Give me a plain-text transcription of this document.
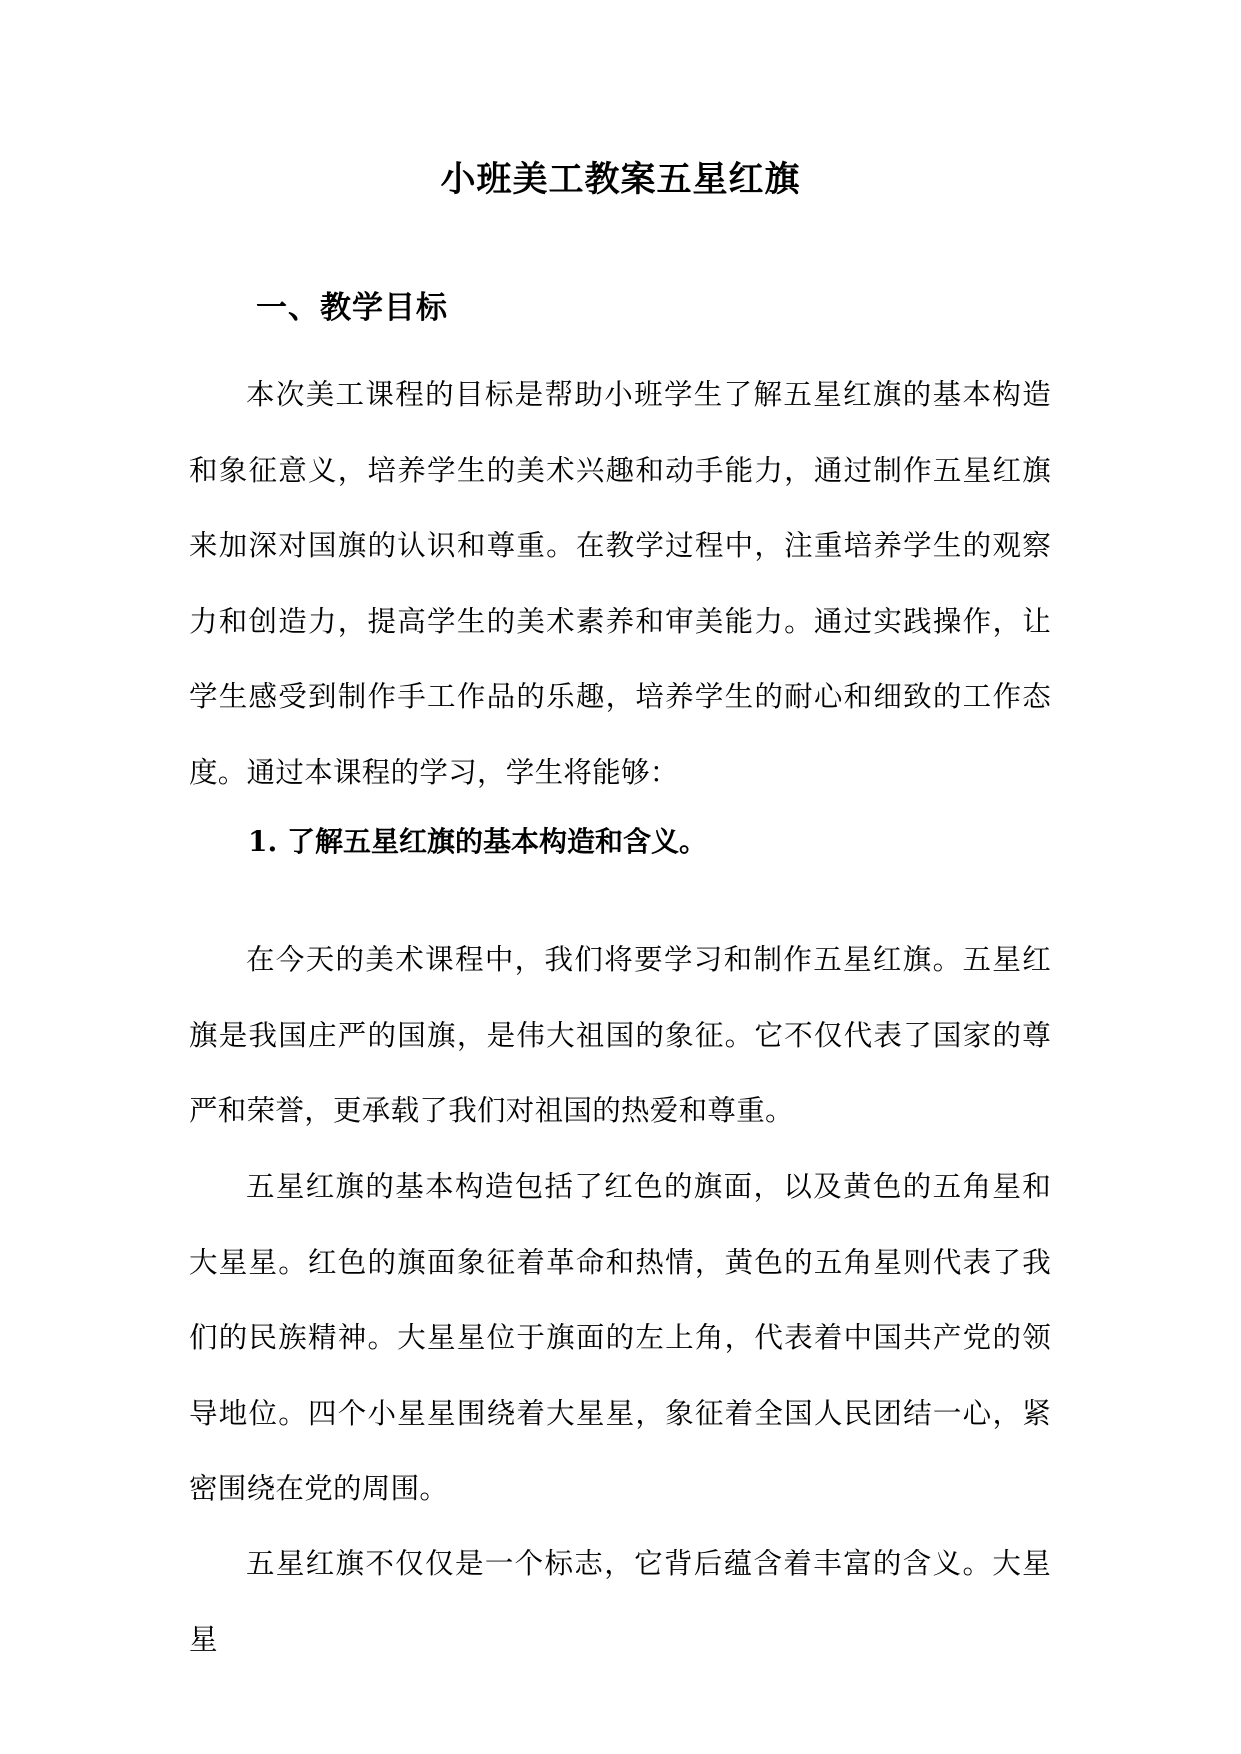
小班美工教案五星红旗
一、教学目标

本次美工课程的目标是帮助小班学生了解五星红旗的基本构造和象征意义，培养学生的美术兴趣和动手能力，通过制作五星红旗来加深对国旗的认识和尊重。在教学过程中，注重培养学生的观察力和创造力，提高学生的美术素养和审美能力。通过实践操作，让学生感受到制作手工作品的乐趣，培养学生的耐心和细致的工作态度。通过本课程的学习，学生将能够：

1. 了解五星红旗的基本构造和含义。

在今天的美术课程中，我们将要学习和制作五星红旗。五星红旗是我国庄严的国旗，是伟大祖国的象征。它不仅代表了国家的尊严和荣誉，更承载了我们对祖国的热爱和尊重。

五星红旗的基本构造包括了红色的旗面，以及黄色的五角星和大星星。红色的旗面象征着革命和热情，黄色的五角星则代表了我们的民族精神。大星星位于旗面的左上角，代表着中国共产党的领导地位。四个小星星围绕着大星星，象征着全国人民团结一心，紧密围绕在党的周围。

五星红旗不仅仅是一个标志，它背后蕴含着丰富的含义。大星星
